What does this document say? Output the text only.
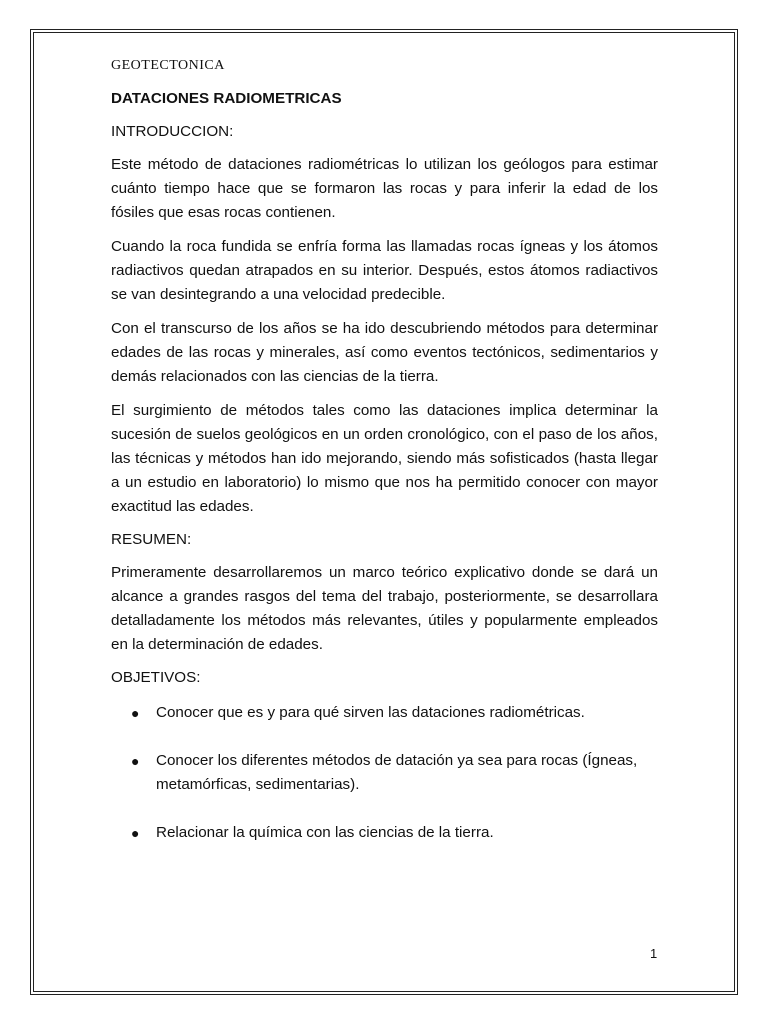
GEOTECTONICA
DATACIONES RADIOMETRICAS
INTRODUCCION:

Este método de dataciones radiométricas lo utilizan los geólogos para estimar cuánto tiempo hace que se formaron las rocas y para inferir la edad de los fósiles que esas rocas contienen.

Cuando la roca fundida se enfría forma las llamadas rocas ígneas y los átomos radiactivos quedan atrapados en su interior. Después, estos átomos radiactivos se van desintegrando a una velocidad predecible.

Con el transcurso de los años se ha ido descubriendo métodos para determinar edades de las rocas y minerales, así como eventos tectónicos, sedimentarios y demás relacionados con las ciencias de la tierra.

El surgimiento de métodos tales como las dataciones implica determinar la sucesión de suelos geológicos en un orden cronológico, con el paso de los años, las técnicas y métodos han ido mejorando, siendo más sofisticados (hasta llegar a un estudio en laboratorio) lo mismo que nos ha permitido conocer con mayor exactitud las edades.

RESUMEN:

Primeramente desarrollaremos un marco teórico explicativo donde se dará un alcance a grandes rasgos del tema del trabajo, posteriormente, se desarrollara detalladamente los métodos más relevantes, útiles y popularmente empleados en la determinación de edades.

OBJETIVOS:
● Conocer que es y para qué sirven las dataciones radiométricas.
● Conocer los diferentes métodos de datación ya sea para rocas (Ígneas, metamórficas, sedimentarias).
● Relacionar la química con las ciencias de la tierra.
1
